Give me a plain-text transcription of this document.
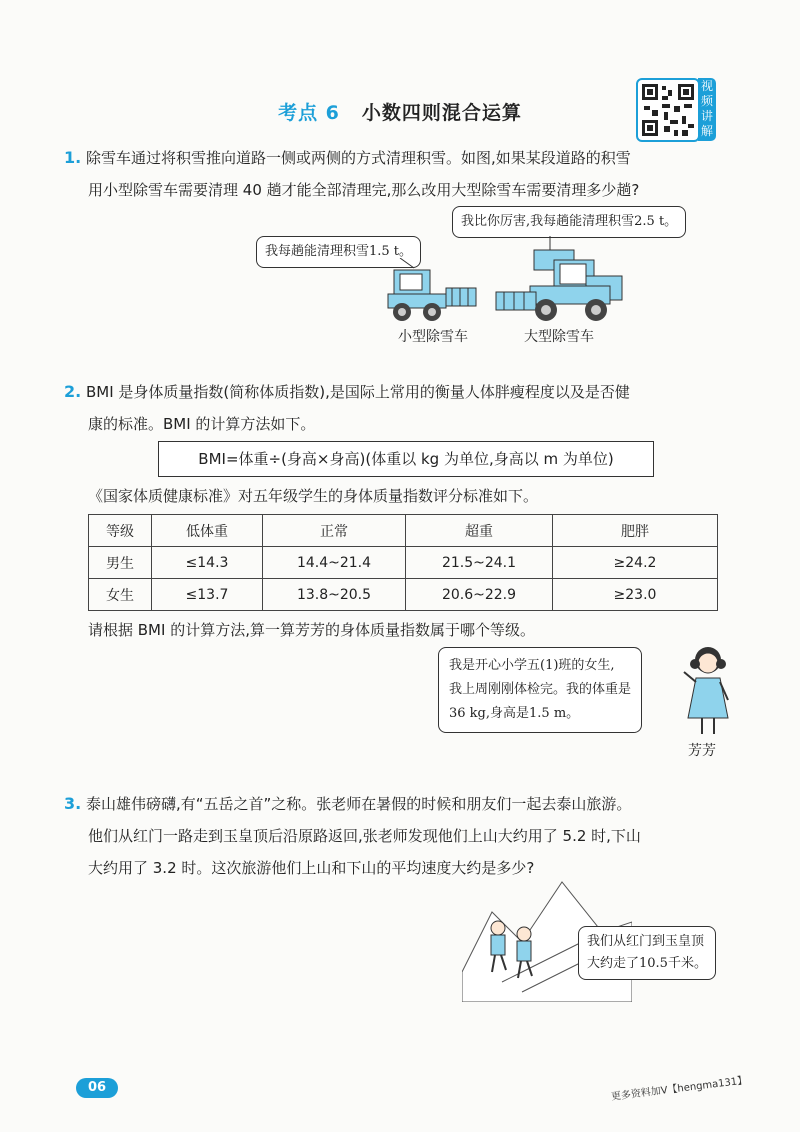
考点 6 小数四则混合运算
视频讲解
1. 除雪车通过将积雪推向道路一侧或两侧的方式清理积雪。如图,如果某段道路的积雪
用小型除雪车需要清理 40 趟才能全部清理完,那么改用大型除雪车需要清理多少趟?
我比你厉害,我每趟能清理积雪2.5 t。
我每趟能清理积雪1.5 t。
小型除雪车	大型除雪车
2. BMI 是身体质量指数(简称体质指数),是国际上常用的衡量人体胖瘦程度以及是否健
康的标准。BMI 的计算方法如下。
BMI=体重÷(身高×身高)(体重以 kg 为单位,身高以 m 为单位)
《国家体质健康标准》对五年级学生的身体质量指数评分标准如下。
等级	低体重	正常	超重	肥胖
男生	≤14.3	14.4~21.4	21.5~24.1	≥24.2
女生	≤13.7	13.8~20.5	20.6~22.9	≥23.0
请根据 BMI 的计算方法,算一算芳芳的身体质量指数属于哪个等级。
我是开心小学五(1)班的女生,
我上周刚刚体检完。我的体重是
36 kg,身高是1.5 m。
芳芳
3. 泰山雄伟磅礴,有“五岳之首”之称。张老师在暑假的时候和朋友们一起去泰山旅游。
他们从红门一路走到玉皇顶后沿原路返回,张老师发现他们上山大约用了 5.2 时,下山
大约用了 3.2 时。这次旅游他们上山和下山的平均速度大约是多少?
我们从红门到玉皇顶
大约走了10.5千米。
06	更多资料加V【hengma131】
